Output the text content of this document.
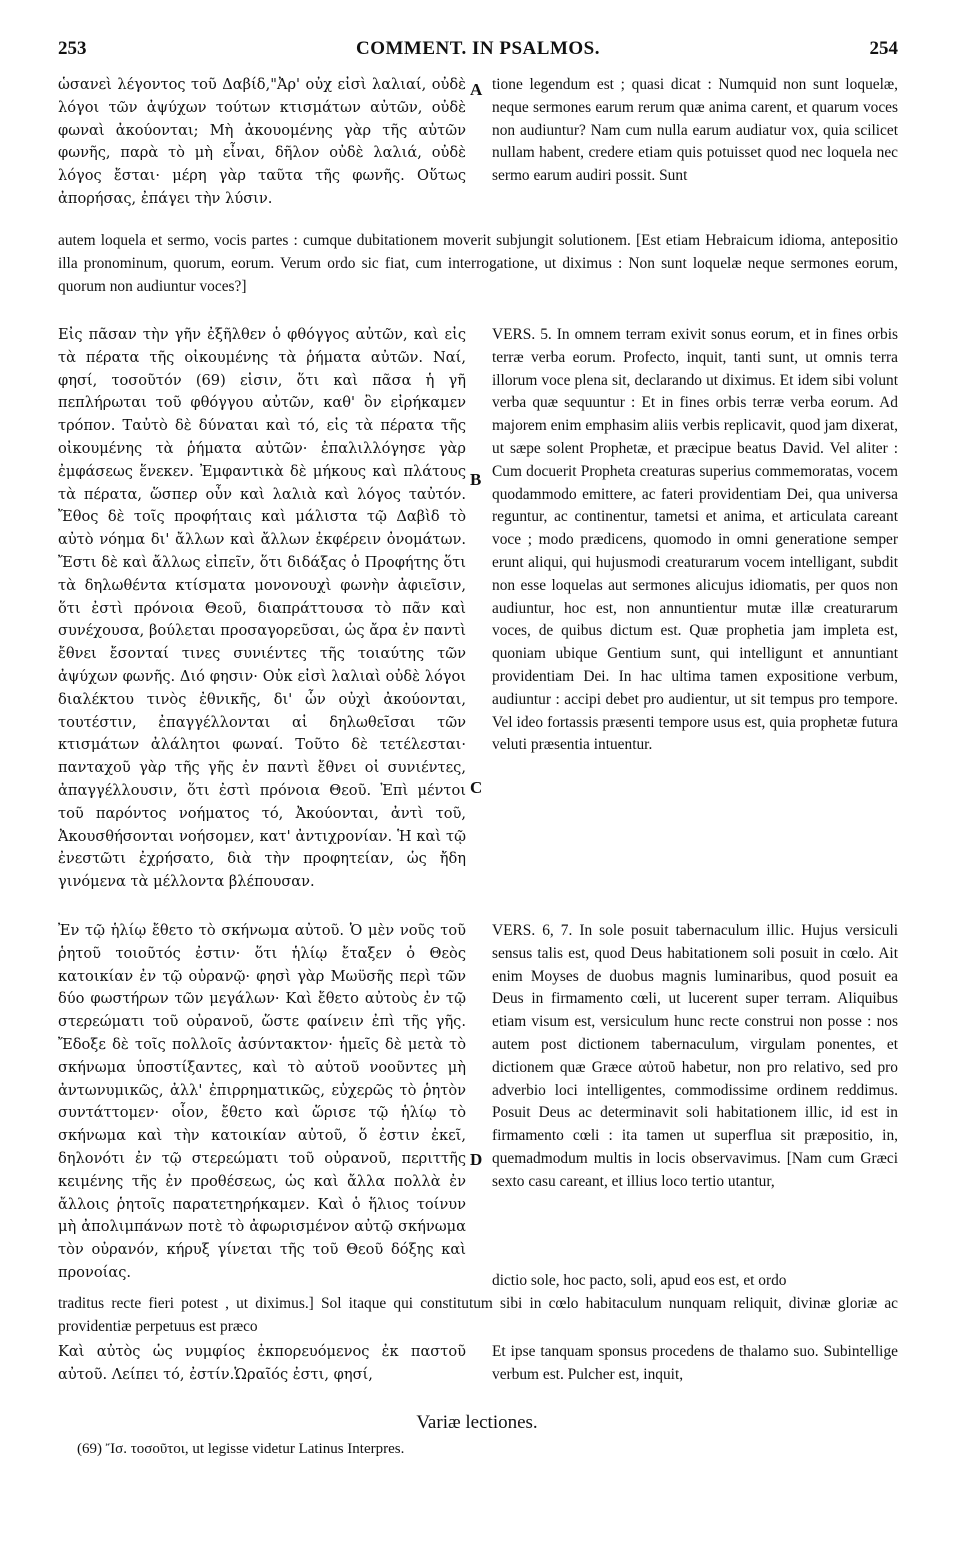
253	COMMENT. IN PSALMOS.	254

ὡσανεὶ λέγοντος τοῦ Δαβίδ,"Ἀρ' οὐχ εἰσὶ λαλιαί, οὐδὲ λόγοι τῶν ἀψύχων τούτων κτισμάτων αὐτῶν, οὐδὲ φωναὶ ἀκούονται; Μὴ ἀκουομένης γὰρ τῆς αὐτῶν φωνῆς, παρὰ τὸ μὴ εἶναι, δῆλον οὐδὲ λαλιά, οὐδὲ λόγος ἔσται· μέρη γὰρ ταῦτα τῆς φωνῆς. Οὕτως ἀπορήσας, ἐπάγει τὴν λύσιν.

A tione legendum est ; quasi dicat : Numquid non sunt loquelæ, neque sermones earum rerum quæ anima carent, et quarum voces non audiuntur? Nam cum nulla earum audiatur vox, quia scilicet nullam habent, credere etiam quis potuisset quod nec loquela nec sermo earum audiri possit. Sunt

autem loquela et sermo, vocis partes : cumque dubitationem moverit subjungit solutionem. [Est etiam Hebraicum idioma, antepositio illa pronominum, quorum, eorum. Verum ordo sic fiat, cum interrogatione, ut diximus : Non sunt loquelæ neque sermones eorum, quorum non audiuntur voces?]

Εἰς πᾶσαν τὴν γῆν ἐξῆλθεν ὁ φθόγγος αὐτῶν, καὶ εἰς τὰ πέρατα τῆς οἰκουμένης τὰ ῥήματα αὐτῶν. Ναί, φησί, τοσοῦτόν (69) εἰσιν, ὅτι καὶ πᾶσα ἡ γῆ πεπλήρωται τοῦ φθόγγου αὐτῶν, καθ' ὃν εἰρήκαμεν τρόπον. Ταὐτὸ δὲ δύναται καὶ τό, εἰς τὰ πέρατα τῆς οἰκουμένης τὰ ῥήματα αὐτῶν· ἐπαλιλλόγησε γὰρ ἐμφάσεως ἕνεκεν. Ἐμφαντικὰ δὲ μήκους καὶ πλάτους τὰ πέρατα, ὥσπερ οὖν καὶ λαλιὰ καὶ λόγος ταὐτόν. Ἔθος δὲ τοῖς προφήταις καὶ μάλιστα τῷ Δαβὶδ τὸ αὐτὸ νόημα δι' ἄλλων καὶ ἄλλων ἐκφέρειν ὀνομάτων. Ἔστι δὲ καὶ ἄλλως εἰπεῖν, ὅτι διδάξας ὁ Προφήτης ὅτι τὰ δηλωθέντα κτίσματα μονονουχὶ φωνὴν ἀφιεῖσιν, ὅτι ἐστὶ πρόνοια Θεοῦ, διαπράττουσα τὸ πᾶν καὶ συνέχουσα, βούλεται προσαγορεῦσαι, ὡς ἄρα ἐν παντὶ ἔθνει ἔσονταί τινες συνιέντες τῆς τοιαύτης τῶν ἀψύχων φωνῆς. Διό φησιν· Οὐκ εἰσὶ λαλιαὶ οὐδὲ λόγοι διαλέκτου τινὸς ἐθνικῆς, δι' ὧν οὐχὶ ἀκούονται, τουτέστιν, ἐπαγγέλλονται αἱ δηλωθεῖσαι τῶν κτισμάτων ἀλάλητοι φωναί. Τοῦτο δὲ τετέλεσται· πανταχοῦ γὰρ τῆς γῆς ἐν παντὶ ἔθνει οἱ συνιέντες, ἀπαγγέλλουσιν, ὅτι ἐστὶ πρόνοια Θεοῦ. Ἐπὶ μέντοι τοῦ παρόντος νοήματος τό, Ἀκούονται, ἀντὶ τοῦ, Ἀκουσθήσονται νοήσομεν, κατ' ἀντιχρονίαν. Ἡ καὶ τῷ ἐνεστῶτι ἐχρήσατο, διὰ τὴν προφητείαν, ὡς ἤδη γινόμενα τὰ μέλλοντα βλέπουσαν.

B
C

VERS. 5. In omnem terram exivit sonus eorum, et in fines orbis terræ verba eorum. Profecto, inquit, tanti sunt, ut omnis terra illorum voce plena sit, declarando ut diximus. Et idem sibi volunt verba quæ sequuntur : Et in fines orbis terræ verba eorum. Ad majorem enim emphasim aliis verbis replicavit, quod jam dixerat, ut sæpe solent Prophetæ, et præcipue beatus David. Vel aliter : Cum docuerit Propheta creaturas superius commemoratas, vocem quodammodo emittere, ac fateri providentiam Dei, qua universa reguntur, ac continentur, tametsi et anima, et articulata careant voce ; modo prædicens, quomodo in omni generatione semper erunt aliqui, qui hujusmodi creaturarum vocem intelligant, subdit non esse loquelas aut sermones alicujus idiomatis, per quos non audiuntur, hoc est, non annuntientur mutæ illæ creaturarum voces, de quibus dictum est. Quæ prophetia jam impleta est, quoniam ubique Gentium sunt, qui intelligunt et annuntiant providentiam Dei. In hac ultima tamen expositione verbum, audiuntur : accipi debet pro audientur, ut sit tempus pro tempore. Vel ideo fortassis præsenti tempore usus est, quia prophetæ futura veluti præsentia intuentur.

Ἐν τῷ ἡλίῳ ἔθετο τὸ σκήνωμα αὐτοῦ. Ὁ μὲν νοῦς τοῦ ῥητοῦ τοιοῦτός ἐστιν· ὅτι ἡλίῳ ἔταξεν ὁ Θεὸς κατοικίαν ἐν τῷ οὐρανῷ· φησὶ γὰρ Μωϋσῆς περὶ τῶν δύο φωστήρων τῶν μεγάλων· Καὶ ἔθετο αὐτοὺς ἐν τῷ στερεώματι τοῦ οὐρανοῦ, ὥστε φαίνειν ἐπὶ τῆς γῆς. Ἔδοξε δὲ τοῖς πολλοῖς ἀσύντακτον· ἡμεῖς δὲ μετὰ τὸ σκήνωμα ὑποστίξαντες, καὶ τὸ αὐτοῦ νοοῦντες μὴ ἀντωνυμικῶς, ἀλλ' ἐπιρρηματικῶς, εὐχερῶς τὸ ῥητὸν συντάττομεν· οἷον, ἔθετο καὶ ὥρισε τῷ ἡλίῳ τὸ σκήνωμα καὶ τὴν κατοικίαν αὐτοῦ, ὅ ἐστιν ἐκεῖ, δηλονότι ἐν τῷ στερεώματι τοῦ οὐρανοῦ, περιττῆς κειμένης τῆς ἐν προθέσεως, ὡς καὶ ἄλλα πολλὰ ἐν ἄλλοις ῥητοῖς παρατετηρήκαμεν. Καὶ ὁ ἥλιος τοίνυν μὴ ἀπολιμπάνων ποτὲ τὸ ἀφωρισμένον αὐτῷ σκήνωμα τὸν οὐρανόν, κήρυξ γίνεται τῆς τοῦ Θεοῦ δόξης καὶ προνοίας.

D

VERS. 6, 7. In sole posuit tabernaculum illic. Hujus versiculi sensus talis est, quod Deus habitationem soli posuit in cœlo. Ait enim Moyses de duobus magnis luminaribus, quod posuit ea Deus in firmamento cœli, ut lucerent super terram. Aliquibus etiam visum est, versiculum hunc recte construi non posse : nos autem post dictionem tabernaculum, virgulam ponentes, et dictionem quæ Græce αὐτοῦ habetur, non pro relativo, sed pro adverbio loci intelligentes, commodissime ordinem reddimus. Posuit Deus ac determinavit soli habitationem illic, id est in firmamento cœli : ita tamen ut superflua sit præpositio, in, quemadmodum multis in locis observavimus. [Nam cum Græci sexto casu careant, et illius loco tertio utantur,

dictio sole, hoc pacto, soli, apud eos est, et ordo

traditus recte fieri potest , ut diximus.] Sol itaque qui constitutum sibi in cœlo habitaculum nunquam reliquit, divinæ gloriæ ac providentiæ perpetuus est præco

Καὶ αὐτὸς ὡς νυμφίος ἐκπορευόμενος ἐκ παστοῦ αὐτοῦ. Λείπει τό, ἐστίν.Ὡραῖός ἐστι, φησί,

Et ipse tanquam sponsus procedens de thalamo suo. Subintellige verbum est. Pulcher est, inquit,

Variæ lectiones.
(69) Ἴσ. τοσοῦτοι, ut legisse videtur Latinus Interpres.
